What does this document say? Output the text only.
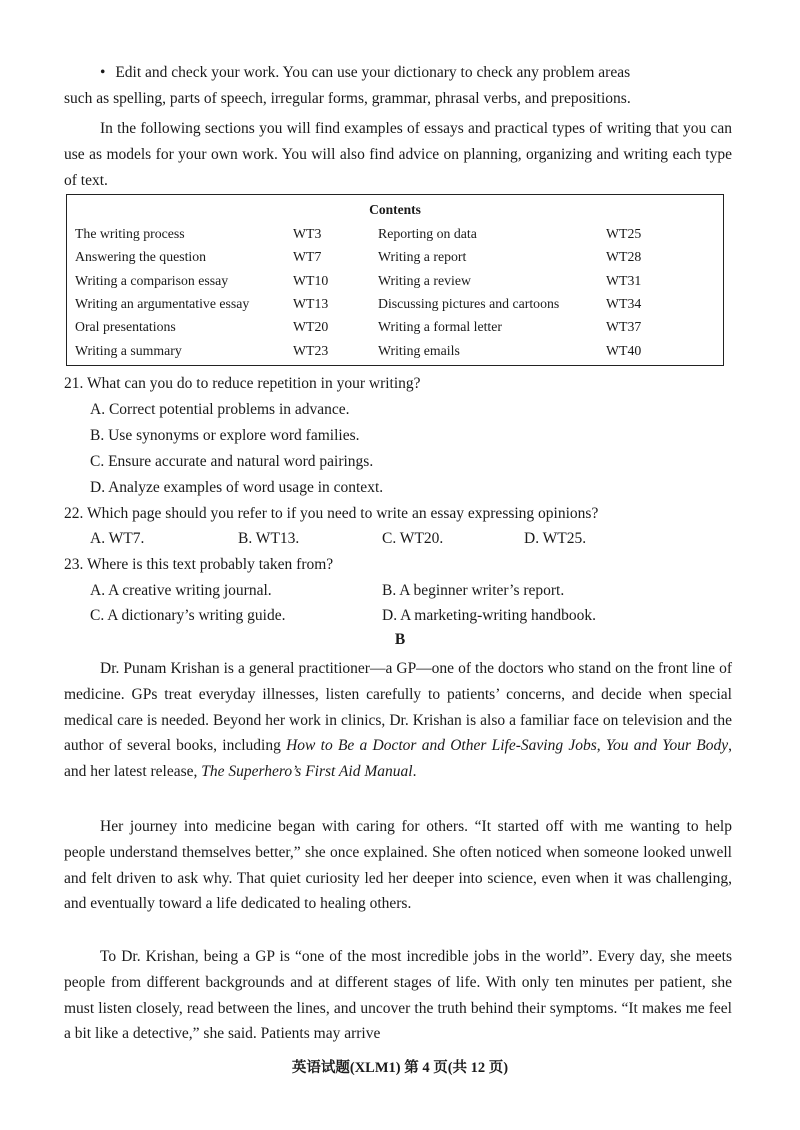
• Edit and check your work. You can use your dictionary to check any problem areas
such as spelling, parts of speech, irregular forms, grammar, phrasal verbs, and prepositions.
In the following sections you will find examples of essays and practical types of writing that you can use as models for your own work. You will also find advice on planning, organizing and writing each type of text.
Contents
The writing process	WT3	Reporting on data	WT25
Answering the question	WT7	Writing a report	WT28
Writing a comparison essay	WT10	Writing a review	WT31
Writing an argumentative essay	WT13	Discussing pictures and cartoons	WT34
Oral presentations	WT20	Writing a formal letter	WT37
Writing a summary	WT23	Writing emails	WT40
21. What can you do to reduce repetition in your writing?
A. Correct potential problems in advance.
B. Use synonyms or explore word families.
C. Ensure accurate and natural word pairings.
D. Analyze examples of word usage in context.
22. Which page should you refer to if you need to write an essay expressing opinions?
A. WT7.	B. WT13.	C. WT20.	D. WT25.
23. Where is this text probably taken from?
A. A creative writing journal.	B. A beginner writer’s report.
C. A dictionary’s writing guide.	D. A marketing-writing handbook.
B
Dr. Punam Krishan is a general practitioner—a GP—one of the doctors who stand on the front line of medicine. GPs treat everyday illnesses, listen carefully to patients’ concerns, and decide when special medical care is needed. Beyond her work in clinics, Dr. Krishan is also a familiar face on television and the author of several books, including How to Be a Doctor and Other Life-Saving Jobs, You and Your Body, and her latest release, The Superhero’s First Aid Manual.
Her journey into medicine began with caring for others. “It started off with me wanting to help people understand themselves better,” she once explained. She often noticed when someone looked unwell and felt driven to ask why. That quiet curiosity led her deeper into science, even when it was challenging, and eventually toward a life dedicated to healing others.
To Dr. Krishan, being a GP is “one of the most incredible jobs in the world”. Every day, she meets people from different backgrounds and at different stages of life. With only ten minutes per patient, she must listen closely, read between the lines, and uncover the truth behind their symptoms. “It makes me feel a bit like a detective,” she said. Patients may arrive
英语试题(XLM1) 第 4 页(共 12 页)
